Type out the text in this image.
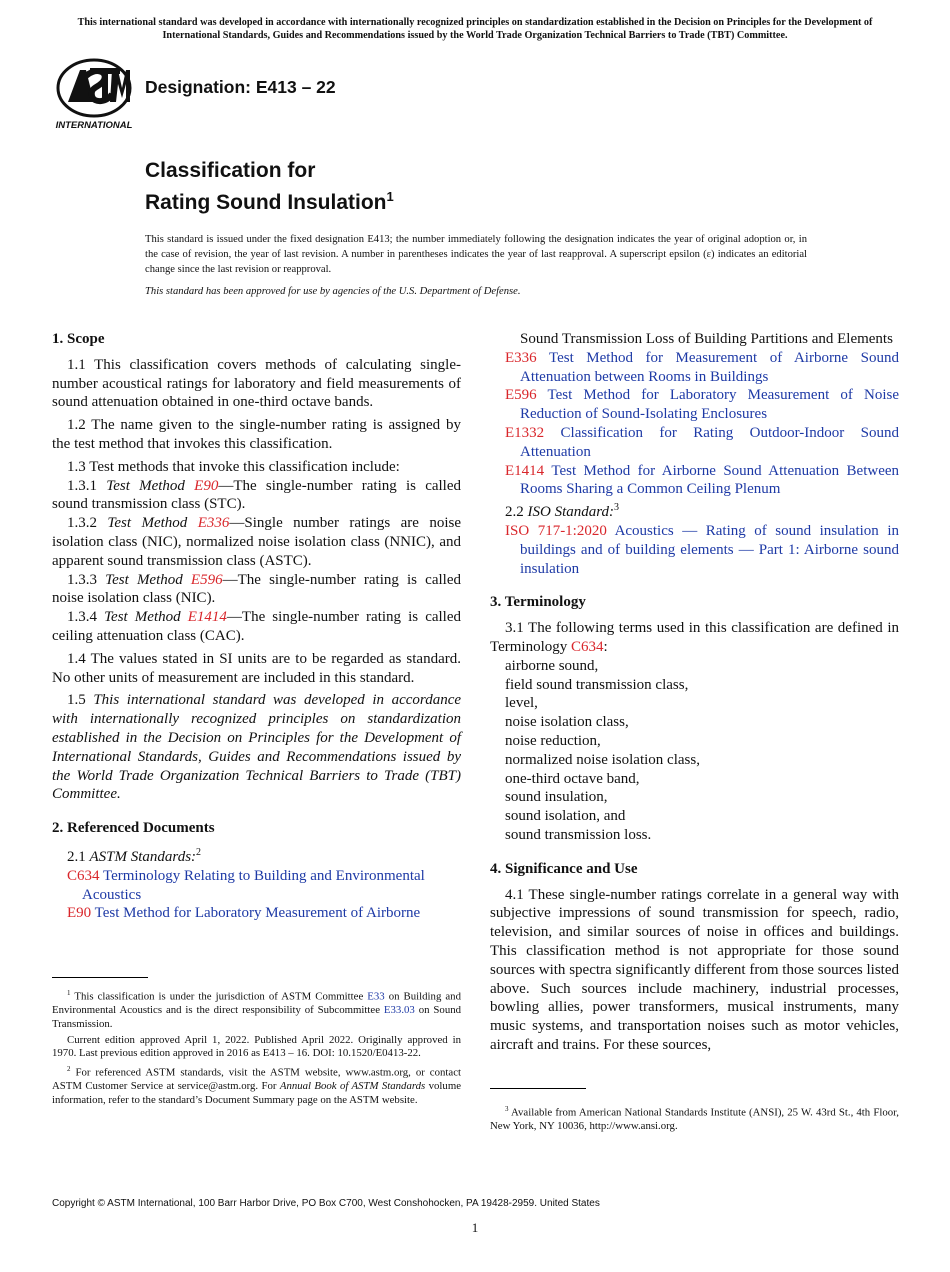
This international standard was developed in accordance with internationally recognized principles on standardization established in the Decision on Principles for the Development of International Standards, Guides and Recommendations issued by the World Trade Organization Technical Barriers to Trade (TBT) Committee.
INTERNATIONAL
Designation: E413 – 22
Classification for
Rating Sound Insulation$^1$
This standard is issued under the fixed designation E413; the number immediately following the designation indicates the year of original adoption or, in the case of revision, the year of last revision. A number in parentheses indicates the year of last reapproval. A superscript epsilon (ε) indicates an editorial change since the last revision or reapproval.
This standard has been approved for use by agencies of the U.S. Department of Defense.

1. Scope

1.1 This classification covers methods of calculating single-number acoustical ratings for laboratory and field measurements of sound attenuation obtained in one-third octave bands.

1.2 The name given to the single-number rating is assigned by the test method that invokes this classification.

1.3 Test methods that invoke this classification include:

1.3.1 Test Method E90—The single-number rating is called sound transmission class (STC).

1.3.2 Test Method E336—Single number ratings are noise isolation class (NIC), normalized noise isolation class (NNIC), and apparent sound transmission class (ASTC).

1.3.3 Test Method E596—The single-number rating is called noise isolation class (NIC).

1.3.4 Test Method E1414—The single-number rating is called ceiling attenuation class (CAC).

1.4 The values stated in SI units are to be regarded as standard. No other units of measurement are included in this standard.

1.5 This international standard was developed in accordance with internationally recognized principles on standardization established in the Decision on Principles for the Development of International Standards, Guides and Recommendations issued by the World Trade Organization Technical Barriers to Trade (TBT) Committee.

2. Referenced Documents

2.1 ASTM Standards:$^2$

C634 Terminology Relating to Building and Environmental Acoustics

E90 Test Method for Laboratory Measurement of Airborne

$^1$ This classification is under the jurisdiction of ASTM Committee E33 on Building and Environmental Acoustics and is the direct responsibility of Subcommittee E33.03 on Sound Transmission.

Current edition approved April 1, 2022. Published April 2022. Originally approved in 1970. Last previous edition approved in 2016 as E413 – 16. DOI: 10.1520/E0413-22.

$^2$ For referenced ASTM standards, visit the ASTM website, www.astm.org, or contact ASTM Customer Service at service@astm.org. For Annual Book of ASTM Standards volume information, refer to the standard’s Document Summary page on the ASTM website.

Sound Transmission Loss of Building Partitions and Elements

E336 Test Method for Measurement of Airborne Sound Attenuation between Rooms in Buildings

E596 Test Method for Laboratory Measurement of Noise Reduction of Sound-Isolating Enclosures

E1332 Classification for Rating Outdoor-Indoor Sound Attenuation

E1414 Test Method for Airborne Sound Attenuation Between Rooms Sharing a Common Ceiling Plenum

2.2 ISO Standard:$^3$

ISO 717-1:2020 Acoustics — Rating of sound insulation in buildings and of building elements — Part 1: Airborne sound insulation

3. Terminology

3.1 The following terms used in this classification are defined in Terminology C634:

airborne sound,

field sound transmission class,

level,

noise isolation class,

noise reduction,

normalized noise isolation class,

one-third octave band,

sound insulation,

sound isolation, and

sound transmission loss.

4. Significance and Use

4.1 These single-number ratings correlate in a general way with subjective impressions of sound transmission for speech, radio, television, and similar sources of noise in offices and buildings. This classification method is not appropriate for those sound sources with spectra significantly different from those sources listed above. Such sources include machinery, industrial processes, bowling allies, power transformers, musical instruments, many music systems, and transportation noises such as motor vehicles, aircraft and trains. For these sources,

$^3$ Available from American National Standards Institute (ANSI), 25 W. 43rd St., 4th Floor, New York, NY 10036, http://www.ansi.org.

Copyright © ASTM International, 100 Barr Harbor Drive, PO Box C700, West Conshohocken, PA 19428-2959. United States
1
